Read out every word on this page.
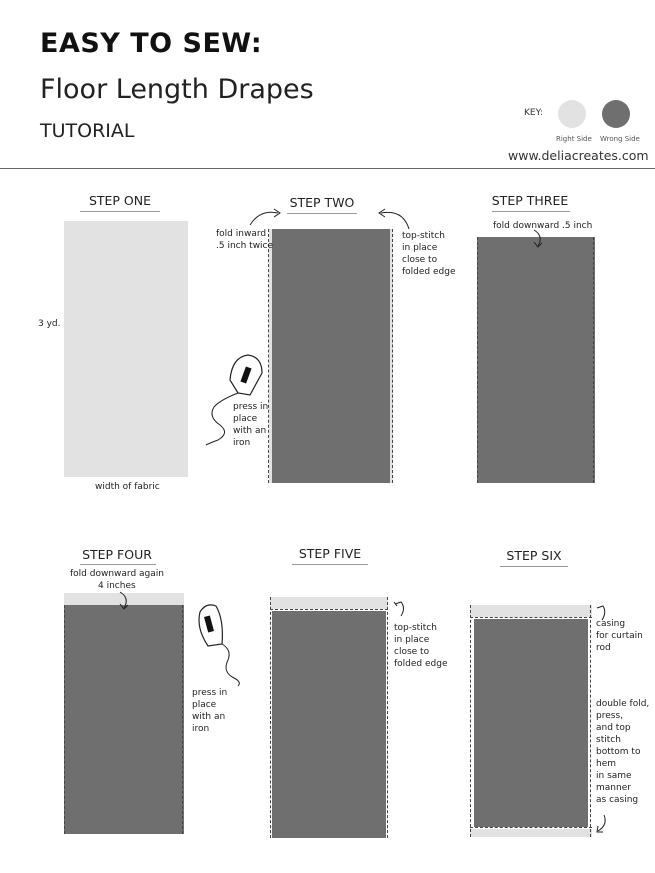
EASY TO SEW:
Floor Length Drapes
TUTORIAL
www.deliacreates.com
KEY:
Right Side Wrong Side
STEP ONE
3 yd.
width of fabric
STEP TWO
fold inward
.5 inch twice
top-stitch
in place
close to
folded edge
press in
place
with an
iron
STEP THREE
fold downward .5 inch
STEP FOUR
fold downward again
4 inches
press in
place
with an
iron
STEP FIVE
top-stitch
in place
close to
folded edge
STEP SIX
casing
for curtain
rod
double fold,
press,
and top
stitch
bottom to
hem
in same
manner
as casing
